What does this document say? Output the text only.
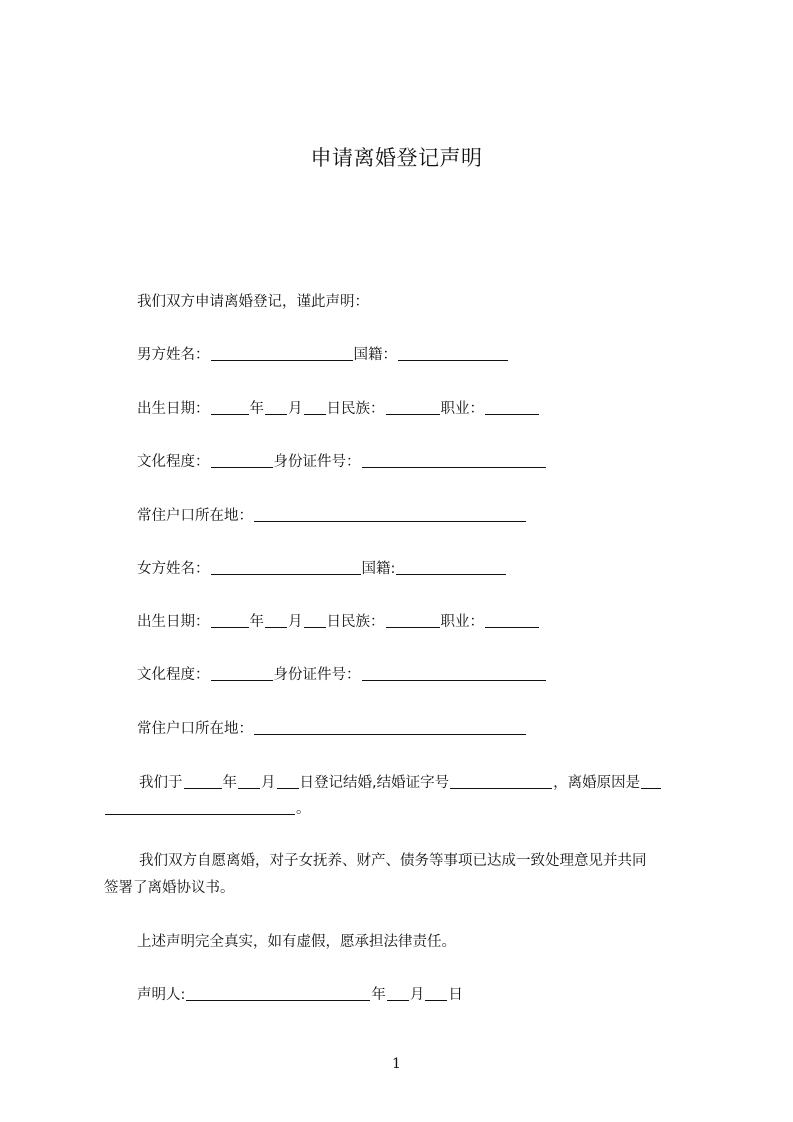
申请离婚登记声明
我们双方申请离婚登记，谨此声明：
男方姓名：	国籍：
出生日期：	年 月 日民族：	职业：
文化程度：	身份证件号：
常住户口所在地：
女方姓名：	国籍:
出生日期：	年 月 日民族：	职业：
文化程度：	身份证件号：
常住户口所在地：
我们于	年 月 日登记结婚,结婚证字号	，离婚原因是
。
我们双方自愿离婚，对子女抚养、财产、债务等事项已达成一致处理意见并共同
签署了离婚协议书。
上述声明完全真实，如有虚假，愿承担法律责任。
声明人:	年 月 日
1
